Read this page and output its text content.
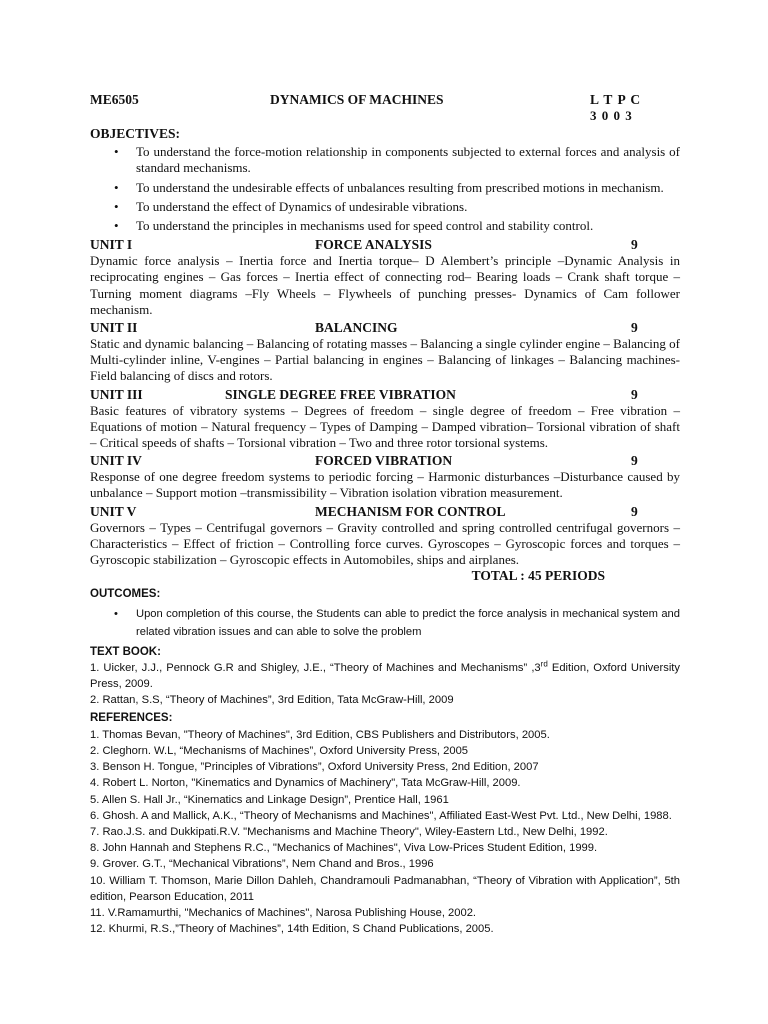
ME6505	DYNAMICS OF MACHINES	L T P C
3 0 0 3
OBJECTIVES:
• To understand the force-motion relationship in components subjected to external forces and analysis of standard mechanisms.
• To understand the undesirable effects of unbalances resulting from prescribed motions in mechanism.
• To understand the effect of Dynamics of undesirable vibrations.
• To understand the principles in mechanisms used for speed control and stability control.
UNIT I	FORCE ANALYSIS	9
Dynamic force analysis – Inertia force and Inertia torque– D Alembert’s principle –Dynamic Analysis in reciprocating engines – Gas forces – Inertia effect of connecting rod– Bearing loads – Crank shaft torque – Turning moment diagrams –Fly Wheels – Flywheels of punching presses- Dynamics of Cam follower mechanism.
UNIT II	BALANCING	9
Static and dynamic balancing – Balancing of rotating masses – Balancing a single cylinder engine – Balancing of Multi-cylinder inline, V-engines – Partial balancing in engines – Balancing of linkages – Balancing machines-Field balancing of discs and rotors.
UNIT III	SINGLE DEGREE FREE VIBRATION	9
Basic features of vibratory systems – Degrees of freedom – single degree of freedom – Free vibration – Equations of motion – Natural frequency – Types of Damping – Damped vibration– Torsional vibration of shaft – Critical speeds of shafts – Torsional vibration – Two and three rotor torsional systems.
UNIT IV	FORCED VIBRATION	9
Response of one degree freedom systems to periodic forcing – Harmonic disturbances –Disturbance caused by unbalance – Support motion –transmissibility – Vibration isolation vibration measurement.
UNIT V	MECHANISM FOR CONTROL	9
Governors – Types – Centrifugal governors – Gravity controlled and spring controlled centrifugal governors – Characteristics – Effect of friction – Controlling force curves. Gyroscopes – Gyroscopic forces and torques – Gyroscopic stabilization – Gyroscopic effects in Automobiles, ships and airplanes.
TOTAL : 45 PERIODS
OUTCOMES:
• Upon completion of this course, the Students can able to predict the force analysis in mechanical system and related vibration issues and can able to solve the problem
TEXT BOOK:
1. Uicker, J.J., Pennock G.R and Shigley, J.E., “Theory of Machines and Mechanisms” ,3rd Edition, Oxford University Press, 2009.
2. Rattan, S.S, “Theory of Machines”, 3rd Edition, Tata McGraw-Hill, 2009
REFERENCES:
1. Thomas Bevan, "Theory of Machines", 3rd Edition, CBS Publishers and Distributors, 2005.
2. Cleghorn. W.L, “Mechanisms of Machines”, Oxford University Press, 2005
3. Benson H. Tongue, ”Principles of Vibrations”, Oxford University Press, 2nd Edition, 2007
4. Robert L. Norton, "Kinematics and Dynamics of Machinery", Tata McGraw-Hill, 2009.
5. Allen S. Hall Jr., “Kinematics and Linkage Design”, Prentice Hall, 1961
6. Ghosh. A and Mallick, A.K., “Theory of Mechanisms and Machines", Affiliated East-West Pvt. Ltd., New Delhi, 1988.
7. Rao.J.S. and Dukkipati.R.V. "Mechanisms and Machine Theory", Wiley-Eastern Ltd., New Delhi, 1992.
8. John Hannah and Stephens R.C., "Mechanics of Machines", Viva Low-Prices Student Edition, 1999.
9. Grover. G.T., “Mechanical Vibrations”, Nem Chand and Bros., 1996
10. William T. Thomson, Marie Dillon Dahleh, Chandramouli Padmanabhan, “Theory of Vibration with Application”, 5th edition, Pearson Education, 2011
11. V.Ramamurthi, "Mechanics of Machines", Narosa Publishing House, 2002.
12. Khurmi, R.S.,”Theory of Machines”, 14th Edition, S Chand Publications, 2005.
